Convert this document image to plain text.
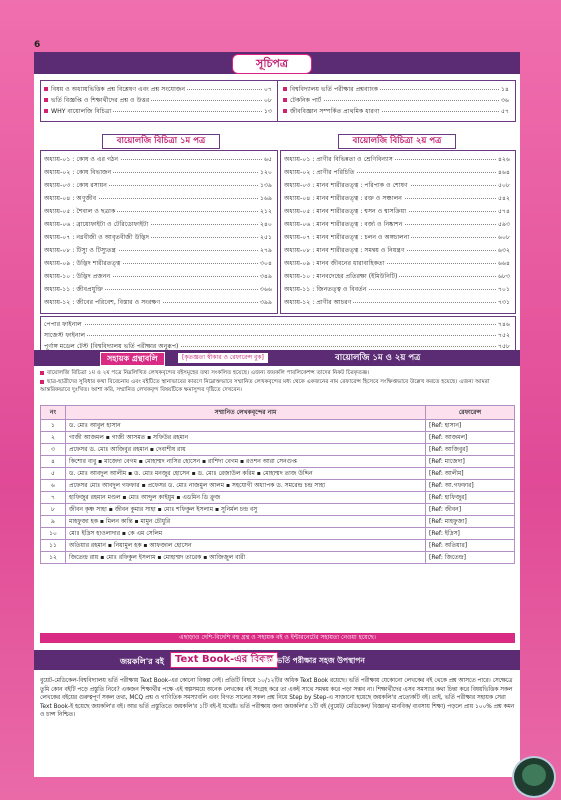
6
সূচিপত্র
বিষয় ও অধ্যায়ভিত্তিক প্রশ্ন বিশ্লেষণ এবং প্রশ্ন সংযোজন	০৭
ভর্তি বিজ্ঞপ্তি ও শিক্ষার্থীদের প্রশ্ন ও উত্তর	০৮
WHY বায়োলজি বিচিত্রা	১৩
বিশ্ববিদ্যালয় ভর্তি পরীক্ষার প্রশ্নব্যাংক	১৪
টেকনিক পার্ট	৩৬
জীববিজ্ঞান সম্পর্কিত প্রাথমিক ধারণা	৫৭
বায়োলজি বিচিত্রা ১ম পত্র	বায়োলজি বিচিত্রা ২য় পত্র
অধ্যায়-০১ : কোষ ও এর গঠন	৬৫
অধ্যায়-০২ : কোষ বিভাজন	১২০
অধ্যায়-০৩ : কোষ রসায়ন	১৩৯
অধ্যায়-০৪ : অণুজীব	১৬৯
অধ্যায়-০৫ : শৈবাল ও ছত্রাক	২১২
অধ্যায়-০৬ : ব্রায়োফাইটা ও টেরিডোফাইটা	২৪০
অধ্যায়-০৭ : নগ্নবীজী ও আবৃতবীজী উদ্ভিদ	২৫১
অধ্যায়-০৮ : টিস্যু ও টিস্যুতন্ত্র	২৭৯
অধ্যায়-০৯ : উদ্ভিদ শারীরতত্ত্ব	৩০৪
অধ্যায়-১০ : উদ্ভিদ প্রজনন	৩৪৯
অধ্যায়-১১ : জীবপ্রযুক্তি	৩৬৬
অধ্যায়-১২ : জীবের পরিবেশ, বিস্তার ও সংরক্ষণ	৩৯৯
অধ্যায়-০১ : প্রাণীর বিভিন্নতা ও শ্রেণিবিন্যাস	৪২৬
অধ্যায়-০২ : প্রাণীর পরিচিতি	৪৬৪
অধ্যায়-০৩ : মানব শারীরতত্ত্ব : পরিপাক ও শোষণ	৫০৮
অধ্যায়-০৪ : মানব শারীরতত্ত্ব : রক্ত ও সঞ্চালন	৫৪২
অধ্যায়-০৫ : মানব শারীরতত্ত্ব : শ্বসন ও শ্বাসক্রিয়া	৫৭৪
অধ্যায়-০৬ : মানব শারীরতত্ত্ব : বর্জ্য ও নিষ্কাশন	৫৯৩
অধ্যায়-০৭ : মানব শারীরতত্ত্ব : চলন ও অঙ্গচালনা	৬০৮
অধ্যায়-০৮ : মানব শারীরতত্ত্ব : সমন্বয় ও নিয়ন্ত্রণ	৬৩২
অধ্যায়-০৯ : মানব জীবনের ধারাবাহিকতা	৬৬৪
অধ্যায়-১০ : মানবদেহের প্রতিরক্ষা (ইমিউনিটি)	৬৮৩
অধ্যায়-১১ : জিনতত্ত্ব ও বিবর্তন	৭০১
অধ্যায়-১২ : প্রাণীর আচরণ	৭৩১
পেপার ফাইনাল	৭৪৬
সাজেস্ট ফাইনাল	৭৫২
পূর্ণাঙ্গ মডেল টেস্ট (বিশ্ববিদ্যালয় ভর্তি পরীক্ষার অনুরূপ)	৭৫৮
সহায়ক গ্রন্থাবলি	[কৃতজ্ঞতা স্বীকার ও রেফারেন্স বুক]	বায়োলজি ১ম ও ২য় পত্র
বায়োলজি বিচিত্রা ১ম ও ২য় পত্রে নিম্নলিখিত লেখকবৃন্দের বইসমূহের তথ্য সংকলিত হয়েছে। এজন্য জয়কলি পাবলিকেশন্স তাদের নিকট চিরকৃতজ্ঞ।
ছাত্র-ছাত্রীদের সুবিধার কথা বিবেচনায় এবং বইটিতে স্থানাভাবের কারণে নিম্নোক্তভাবে সম্মানিত লেখকবৃন্দের মধ্য থেকে একজনের নাম রেফারেন্স হিসেবে সংক্ষিপ্তভাবে উল্লেখ করতে হয়েছে। এজন্য আমরা আন্তরিকভাবে দুঃখিত। আশা করি, সম্মানিত লেখকবৃন্দ বিষয়টিকে ক্ষমাসুন্দর দৃষ্টিতে দেখবেন।
নং	সম্মানিত লেখকবৃন্দের নাম	রেফারেন্স
১	ড. মোঃ আবুল হাসান	[Ref: হাসান]
২	গাজী আজমল ▪ গাজী আসমত ▪ সফিউর রহমান	[Ref: আজমল]
৩	প্রফেসর ড. মোঃ আজিবুর রহমান ▪ দেবাশীষ রায়	[Ref: আজিবুর]
৪	কিশোর বাবু ▪ মাজেদা বেগম ▪ মোহাম্মদ নাসির হোসেন ▪ রাশিদা বেগম ▪ রওশন আরা সেনগুপ্ত	[Ref: মাজেদা]
৫	ড. মোঃ আবদুল আলীম ▪ ড. মোঃ মনজুর হোসেন ▪ ড. মোঃ রেজাউল করিম ▪ মোহাম্মদ তাজ উদ্দিন	[Ref: আলীম]
৬	প্রফেসর মোঃ আবদুল গফফার ▪ প্রফেসর ড. মোঃ নাজমুল আলম ▪ সহযোগী অধ্যাপক ড. সমরেন্দ্র চন্দ্র সাহা	[Ref: আ.গফফার]
৭	হাফিজুর রহমান মণ্ডল ▪ মোঃ আব্দুল কাইয়ুম ▪ এডমিন ডি ক্রুজ	[Ref: হাফিজুর]
৮	জীবন কৃষ্ণ সাহা ▪ জীবন কুমার সাহা ▪ মোঃ শফিকুল ইসলাম ▪ সুনির্মল চন্দ্র বসু	[Ref: জীবন]
৯	মাহফুজা হক ▪ মিলন কান্তি ▪ মামুন চৌধুরি	[Ref: মাহফুজা]
১০	মোঃ ইদ্রিস হাওলাদার ▪ কে এম সেলিম	[Ref: ইদ্রিস]
১১	অতিয়ার রহমান ▪ নিয়ামুল হক ▪ আফজাল হোসেন	[Ref: অতিয়ার]
১২	জিতেন্দ্র রায় ▪ মোঃ রফিকুল ইসলাম ▪ মোহাম্মদ তারেক ▪ আজিজুল বারী	[Ref: জিতেন্দ্র]
এছাড়াও দেশি-বিদেশি বহু গ্রন্থ ও সহায়ক বই ও ইন্টারনেটের সহায়তা নেওয়া হয়েছে।
জয়কলি'র বই	Text Book-এর বিকল্প
নয়; বরং ভর্তি পরীক্ষার সহজ উপস্থাপন
বুয়েট-মেডিকেল-বিশ্ববিদ্যালয় ভর্তি পরীক্ষায় Text Book-এর কোনো বিকল্প নেই। প্রতিটি বিষয়ে ১০/১২টির অধিক Text Book রয়েছে। ভর্তি পরীক্ষায় যেকোনো লেখকের বই থেকে প্রশ্ন আসতে পারে। সেক্ষেত্রে তুমি কোন বইটি পড়ে প্রস্তুতি নিবে? একজন শিক্ষার্থীর পক্ষে এই স্বল্পসময়ে অনেক লেখকের বই সংগ্রহ করে তা একই সাথে সমন্বয় করে পড়া সম্ভব না। শিক্ষার্থীদের এসব সমস্যার কথা চিন্তা করে বিষয়ভিত্তিক সকল লেখকের বইয়ের গুরুত্বপূর্ণ সকল তথ্য, MCQ প্রশ্ন ও গাণিতিক সমস্যাবলি এবং বিগত সালের সকল প্রশ্ন নিয়ে Step by Step-এ সাজানো হয়েছে জয়কলি'র প্রত্যেকটি বই। তাই, ভর্তি পরীক্ষার সহায়ক সেরা Text Book-ই হয়েছে জয়কলি'র বই। আর ভর্তি প্রস্তুতিতে জয়কলি'র ১টি বই-ই যথেষ্ট। ভর্তি পরীক্ষায় জন্য জয়কলি'র ১টি বই (বুয়েট/ মেডিকেল/ বিজ্ঞান/ মানবিক/ ব্যবসায় শিক্ষা) পড়লে প্রায় ১০০% প্রশ্ন কমন ও চান্স নিশ্চিত।
